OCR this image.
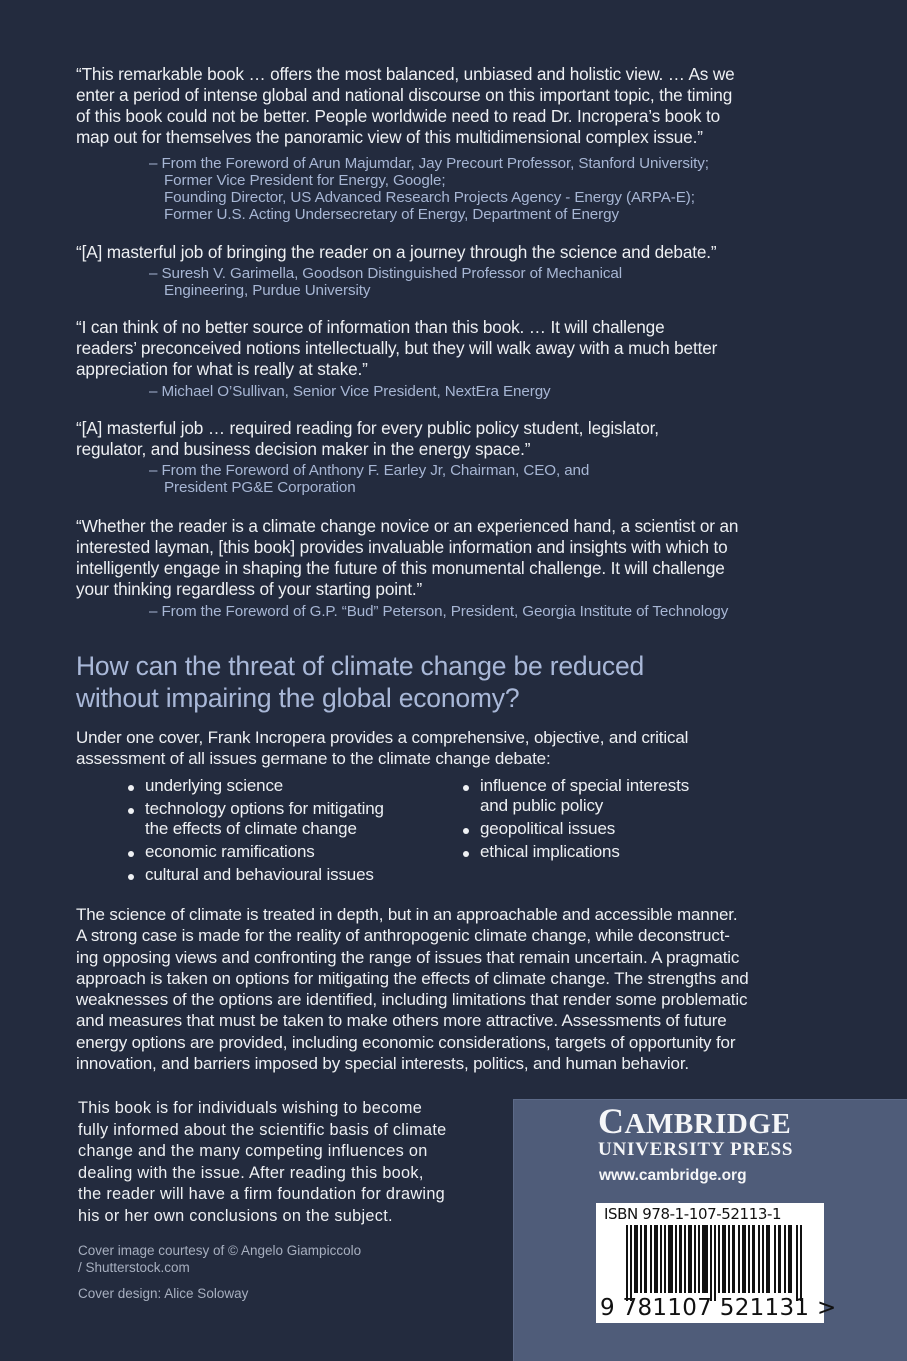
“This remarkable book … offers the most balanced, unbiased and holistic view. … As we
enter a period of intense global and national discourse on this important topic, the timing
of this book could not be better. People worldwide need to read Dr. Incropera’s book to
map out for themselves the panoramic view of this multidimensional complex issue.”
– From the Foreword of Arun Majumdar, Jay Precourt Professor, Stanford University;
Former Vice President for Energy, Google;
Founding Director, US Advanced Research Projects Agency - Energy (ARPA-E);
Former U.S. Acting Undersecretary of Energy, Department of Energy
“[A] masterful job of bringing the reader on a journey through the science and debate.”
– Suresh V. Garimella, Goodson Distinguished Professor of Mechanical
Engineering, Purdue University
“I can think of no better source of information than this book. … It will challenge
readers’ preconceived notions intellectually, but they will walk away with a much better
appreciation for what is really at stake.”
– Michael O’Sullivan, Senior Vice President, NextEra Energy
“[A] masterful job … required reading for every public policy student, legislator,
regulator, and business decision maker in the energy space.”
– From the Foreword of Anthony F. Earley Jr, Chairman, CEO, and
President PG&E Corporation
“Whether the reader is a climate change novice or an experienced hand, a scientist or an
interested layman, [this book] provides invaluable information and insights with which to
intelligently engage in shaping the future of this monumental challenge. It will challenge
your thinking regardless of your starting point.”
– From the Foreword of G.P. “Bud” Peterson, President, Georgia Institute of Technology
How can the threat of climate change be reduced
without impairing the global economy?
Under one cover, Frank Incropera provides a comprehensive, objective, and critical
assessment of all issues germane to the climate change debate:
underlying science
technology options for mitigating
the effects of climate change
economic ramifications
cultural and behavioural issues
influence of special interests
and public policy
geopolitical issues
ethical implications
The science of climate is treated in depth, but in an approachable and accessible manner.
A strong case is made for the reality of anthropogenic climate change, while deconstruct-
ing opposing views and confronting the range of issues that remain uncertain. A pragmatic
approach is taken on options for mitigating the effects of climate change. The strengths and
weaknesses of the options are identified, including limitations that render some problematic
and measures that must be taken to make others more attractive. Assessments of future
energy options are provided, including economic considerations, targets of opportunity for
innovation, and barriers imposed by special interests, politics, and human behavior.
This book is for individuals wishing to become
fully informed about the scientific basis of climate
change and the many competing influences on
dealing with the issue. After reading this book,
the reader will have a firm foundation for drawing
his or her own conclusions on the subject.
Cover image courtesy of © Angelo Giampiccolo
/ Shutterstock.com
Cover design: Alice Soloway
CAMBRIDGE
UNIVERSITY PRESS
www.cambridge.org
ISBN 978-1-107-52113-1
9 781107 521131 >
